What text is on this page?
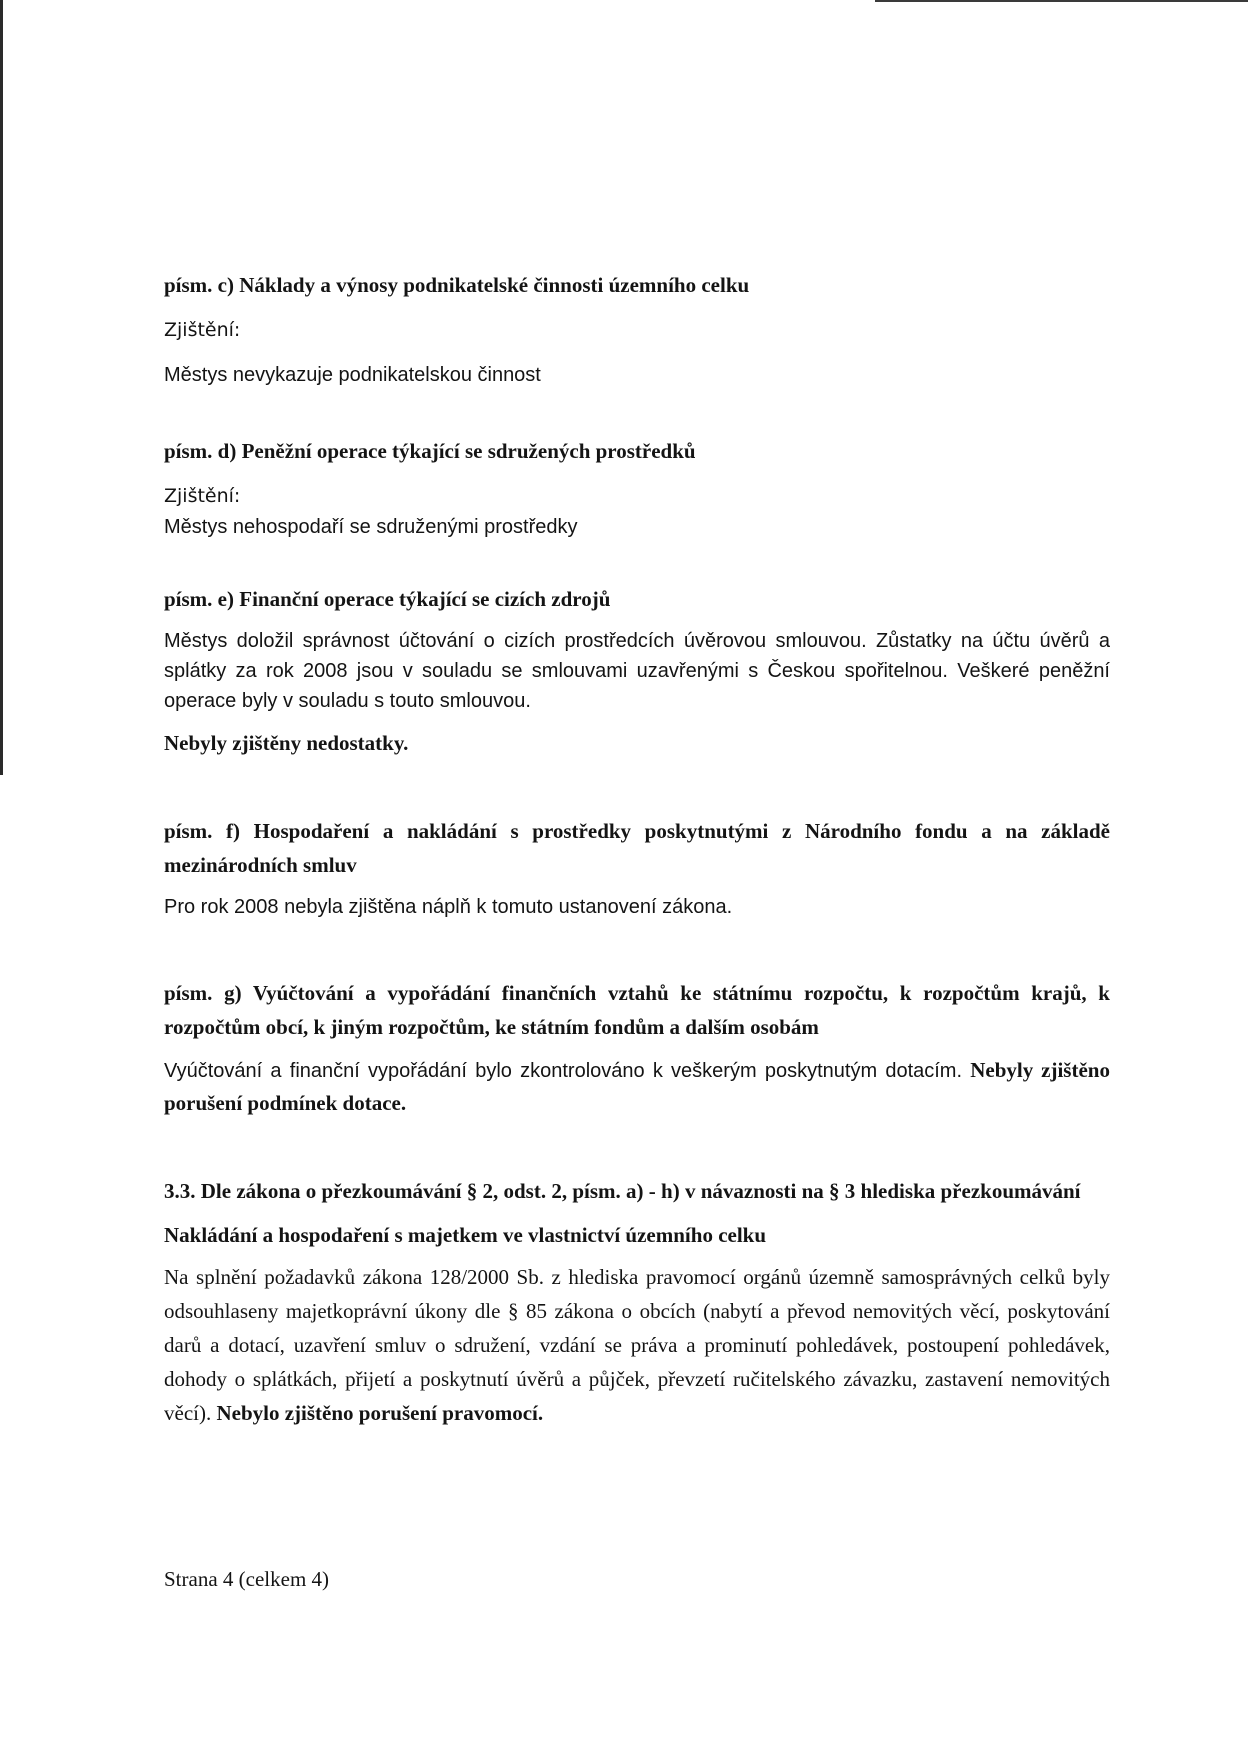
písm. c) Náklady a výnosy podnikatelské činnosti územního celku

Zjištění:

Městys nevykazuje podnikatelskou činnost

písm. d) Peněžní operace týkající se sdružených prostředků

Zjištění:

Městys nehospodaří se sdruženými prostředky

písm. e) Finanční operace týkající se cizích zdrojů

Městys doložil správnost účtování o cizích prostředcích úvěrovou smlouvou. Zůstatky na účtu úvěrů a splátky za rok 2008 jsou v souladu se smlouvami uzavřenými s Českou spořitelnou. Veškeré peněžní operace byly v souladu s touto smlouvou.

Nebyly zjištěny nedostatky.

písm. f) Hospodaření a nakládání s prostředky poskytnutými z Národního fondu a na základě mezinárodních smluv

Pro rok 2008 nebyla zjištěna náplň k tomuto ustanovení zákona.

písm. g) Vyúčtování a vypořádání finančních vztahů ke státnímu rozpočtu, k rozpočtům krajů, k rozpočtům obcí, k jiným rozpočtům, ke státním fondům a dalším osobám

Vyúčtování a finanční vypořádání bylo zkontrolováno k veškerým poskytnutým dotacím. Nebyly zjištěno porušení podmínek dotace.

3.3. Dle zákona o přezkoumávání § 2, odst. 2, písm. a) - h) v návaznosti na § 3 hlediska přezkoumávání

Nakládání a hospodaření s majetkem ve vlastnictví územního celku

Na splnění požadavků zákona 128/2000 Sb. z hlediska pravomocí orgánů územně samosprávných celků byly odsouhlaseny majetkoprávní úkony dle § 85 zákona o obcích (nabytí a převod nemovitých věcí, poskytování darů a dotací, uzavření smluv o sdružení, vzdání se práva a prominutí pohledávek, postoupení pohledávek, dohody o splátkách, přijetí a poskytnutí úvěrů a půjček, převzetí ručitelského závazku, zastavení nemovitých věcí). Nebylo zjištěno porušení pravomocí.

Strana 4 (celkem 4)
